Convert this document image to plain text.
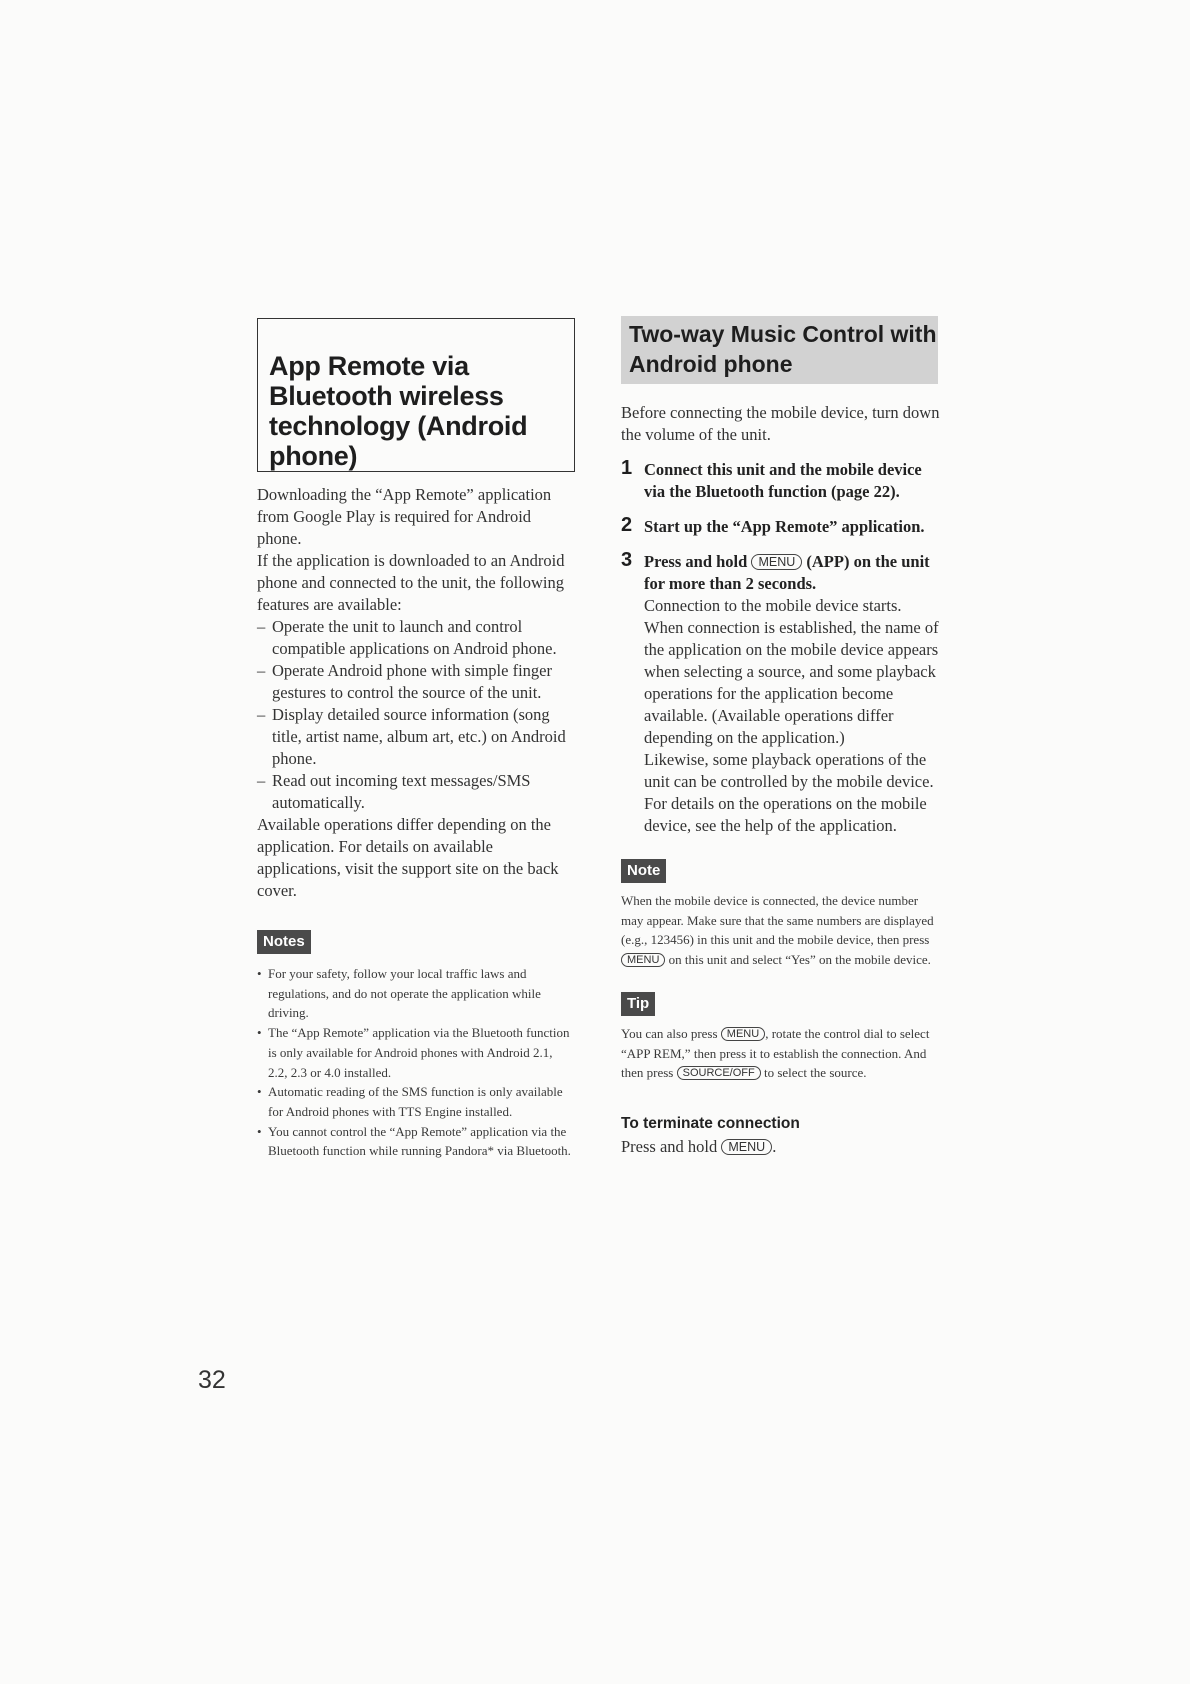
App Remote via Bluetooth wireless technology (Android phone)

Downloading the “App Remote” application from Google Play is required for Android phone.

If the application is downloaded to an Android phone and connected to the unit, the following features are available:

– Operate the unit to launch and control compatible applications on Android phone.
– Operate Android phone with simple finger gestures to control the source of the unit.
– Display detailed source information (song title, artist name, album art, etc.) on Android phone.
– Read out incoming text messages/SMS automatically.

Available operations differ depending on the application. For details on available applications, visit the support site on the back cover.

Notes
• For your safety, follow your local traffic laws and regulations, and do not operate the application while driving.
• The “App Remote” application via the Bluetooth function is only available for Android phones with Android 2.1, 2.2, 2.3 or 4.0 installed.
• Automatic reading of the SMS function is only available for Android phones with TTS Engine installed.
• You cannot control the “App Remote” application via the Bluetooth function while running Pandora* via Bluetooth.
Two-way Music Control with Android phone
Before connecting the mobile device, turn down the volume of the unit.
1 Connect this unit and the mobile device via the Bluetooth function (page 22).
2 Start up the “App Remote” application.
3 Press and hold MENU (APP) on the unit for more than 2 seconds.

Connection to the mobile device starts. When connection is established, the name of the application on the mobile device appears when selecting a source, and some playback operations for the application become available. (Available operations differ depending on the application.)

Likewise, some playback operations of the unit can be controlled by the mobile device. For details on the operations on the mobile device, see the help of the application.

Note
When the mobile device is connected, the device number may appear. Make sure that the same numbers are displayed (e.g., 123456) in this unit and the mobile device, then press MENU on this unit and select “Yes” on the mobile device.
Tip
You can also press MENU , rotate the control dial to select “APP REM,” then press it to establish the connection. And then press SOURCE/OFF to select the source.
To terminate connection
Press and hold MENU .
32
